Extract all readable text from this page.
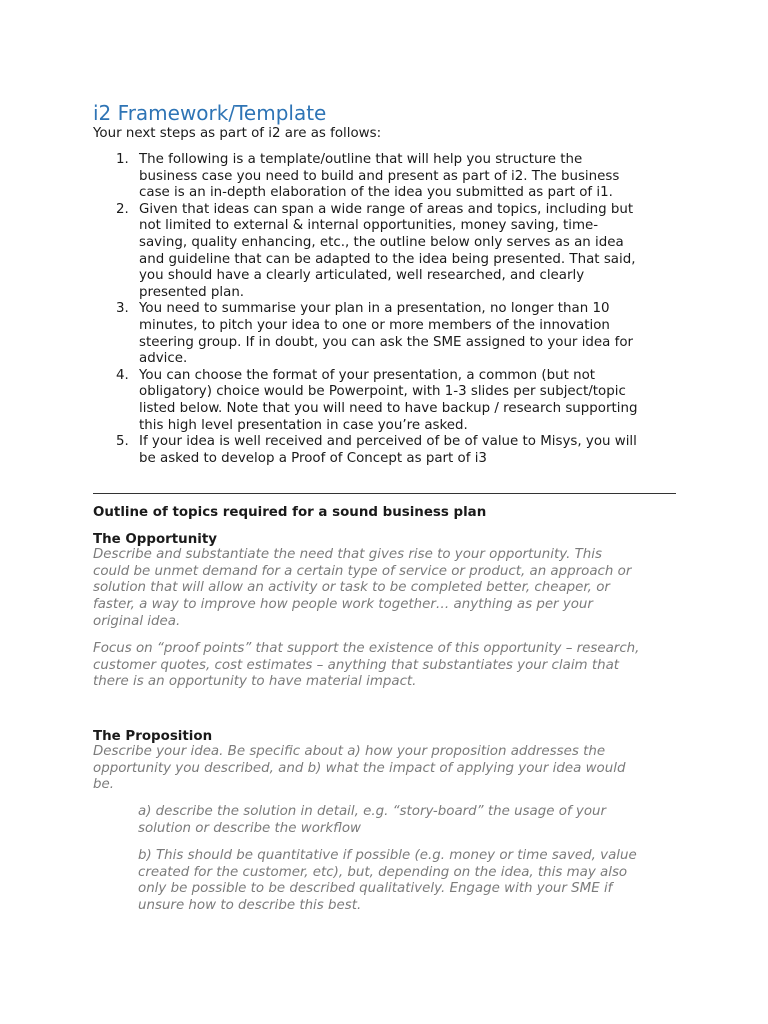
i2 Framework/Template

Your next steps as part of i2 are as follows:

1. The following is a template/outline that will help you structure the
business case you need to build and present as part of i2. The business
case is an in-depth elaboration of the idea you submitted as part of i1.
2. Given that ideas can span a wide range of areas and topics, including but
not limited to external & internal opportunities, money saving, time-
saving, quality enhancing, etc., the outline below only serves as an idea
and guideline that can be adapted to the idea being presented. That said,
you should have a clearly articulated, well researched, and clearly
presented plan.
3. You need to summarise your plan in a presentation, no longer than 10
minutes, to pitch your idea to one or more members of the innovation
steering group. If in doubt, you can ask the SME assigned to your idea for
advice.
4. You can choose the format of your presentation, a common (but not
obligatory) choice would be Powerpoint, with 1-3 slides per subject/topic
listed below. Note that you will need to have backup / research supporting
this high level presentation in case you’re asked.
5. If your idea is well received and perceived of be of value to Misys, you will
be asked to develop a Proof of Concept as part of i3
Outline of topics required for a sound business plan
The Opportunity

Describe and substantiate the need that gives rise to your opportunity. This
could be unmet demand for a certain type of service or product, an approach or
solution that will allow an activity or task to be completed better, cheaper, or
faster, a way to improve how people work together… anything as per your
original idea.

Focus on “proof points” that support the existence of this opportunity – research,
customer quotes, cost estimates – anything that substantiates your claim that
there is an opportunity to have material impact.

The Proposition

Describe your idea. Be specific about a) how your proposition addresses the
opportunity you described, and b) what the impact of applying your idea would
be.

a) describe the solution in detail, e.g. “story-board” the usage of your
solution or describe the workflow

b) This should be quantitative if possible (e.g. money or time saved, value
created for the customer, etc), but, depending on the idea, this may also
only be possible to be described qualitatively. Engage with your SME if
unsure how to describe this best.
